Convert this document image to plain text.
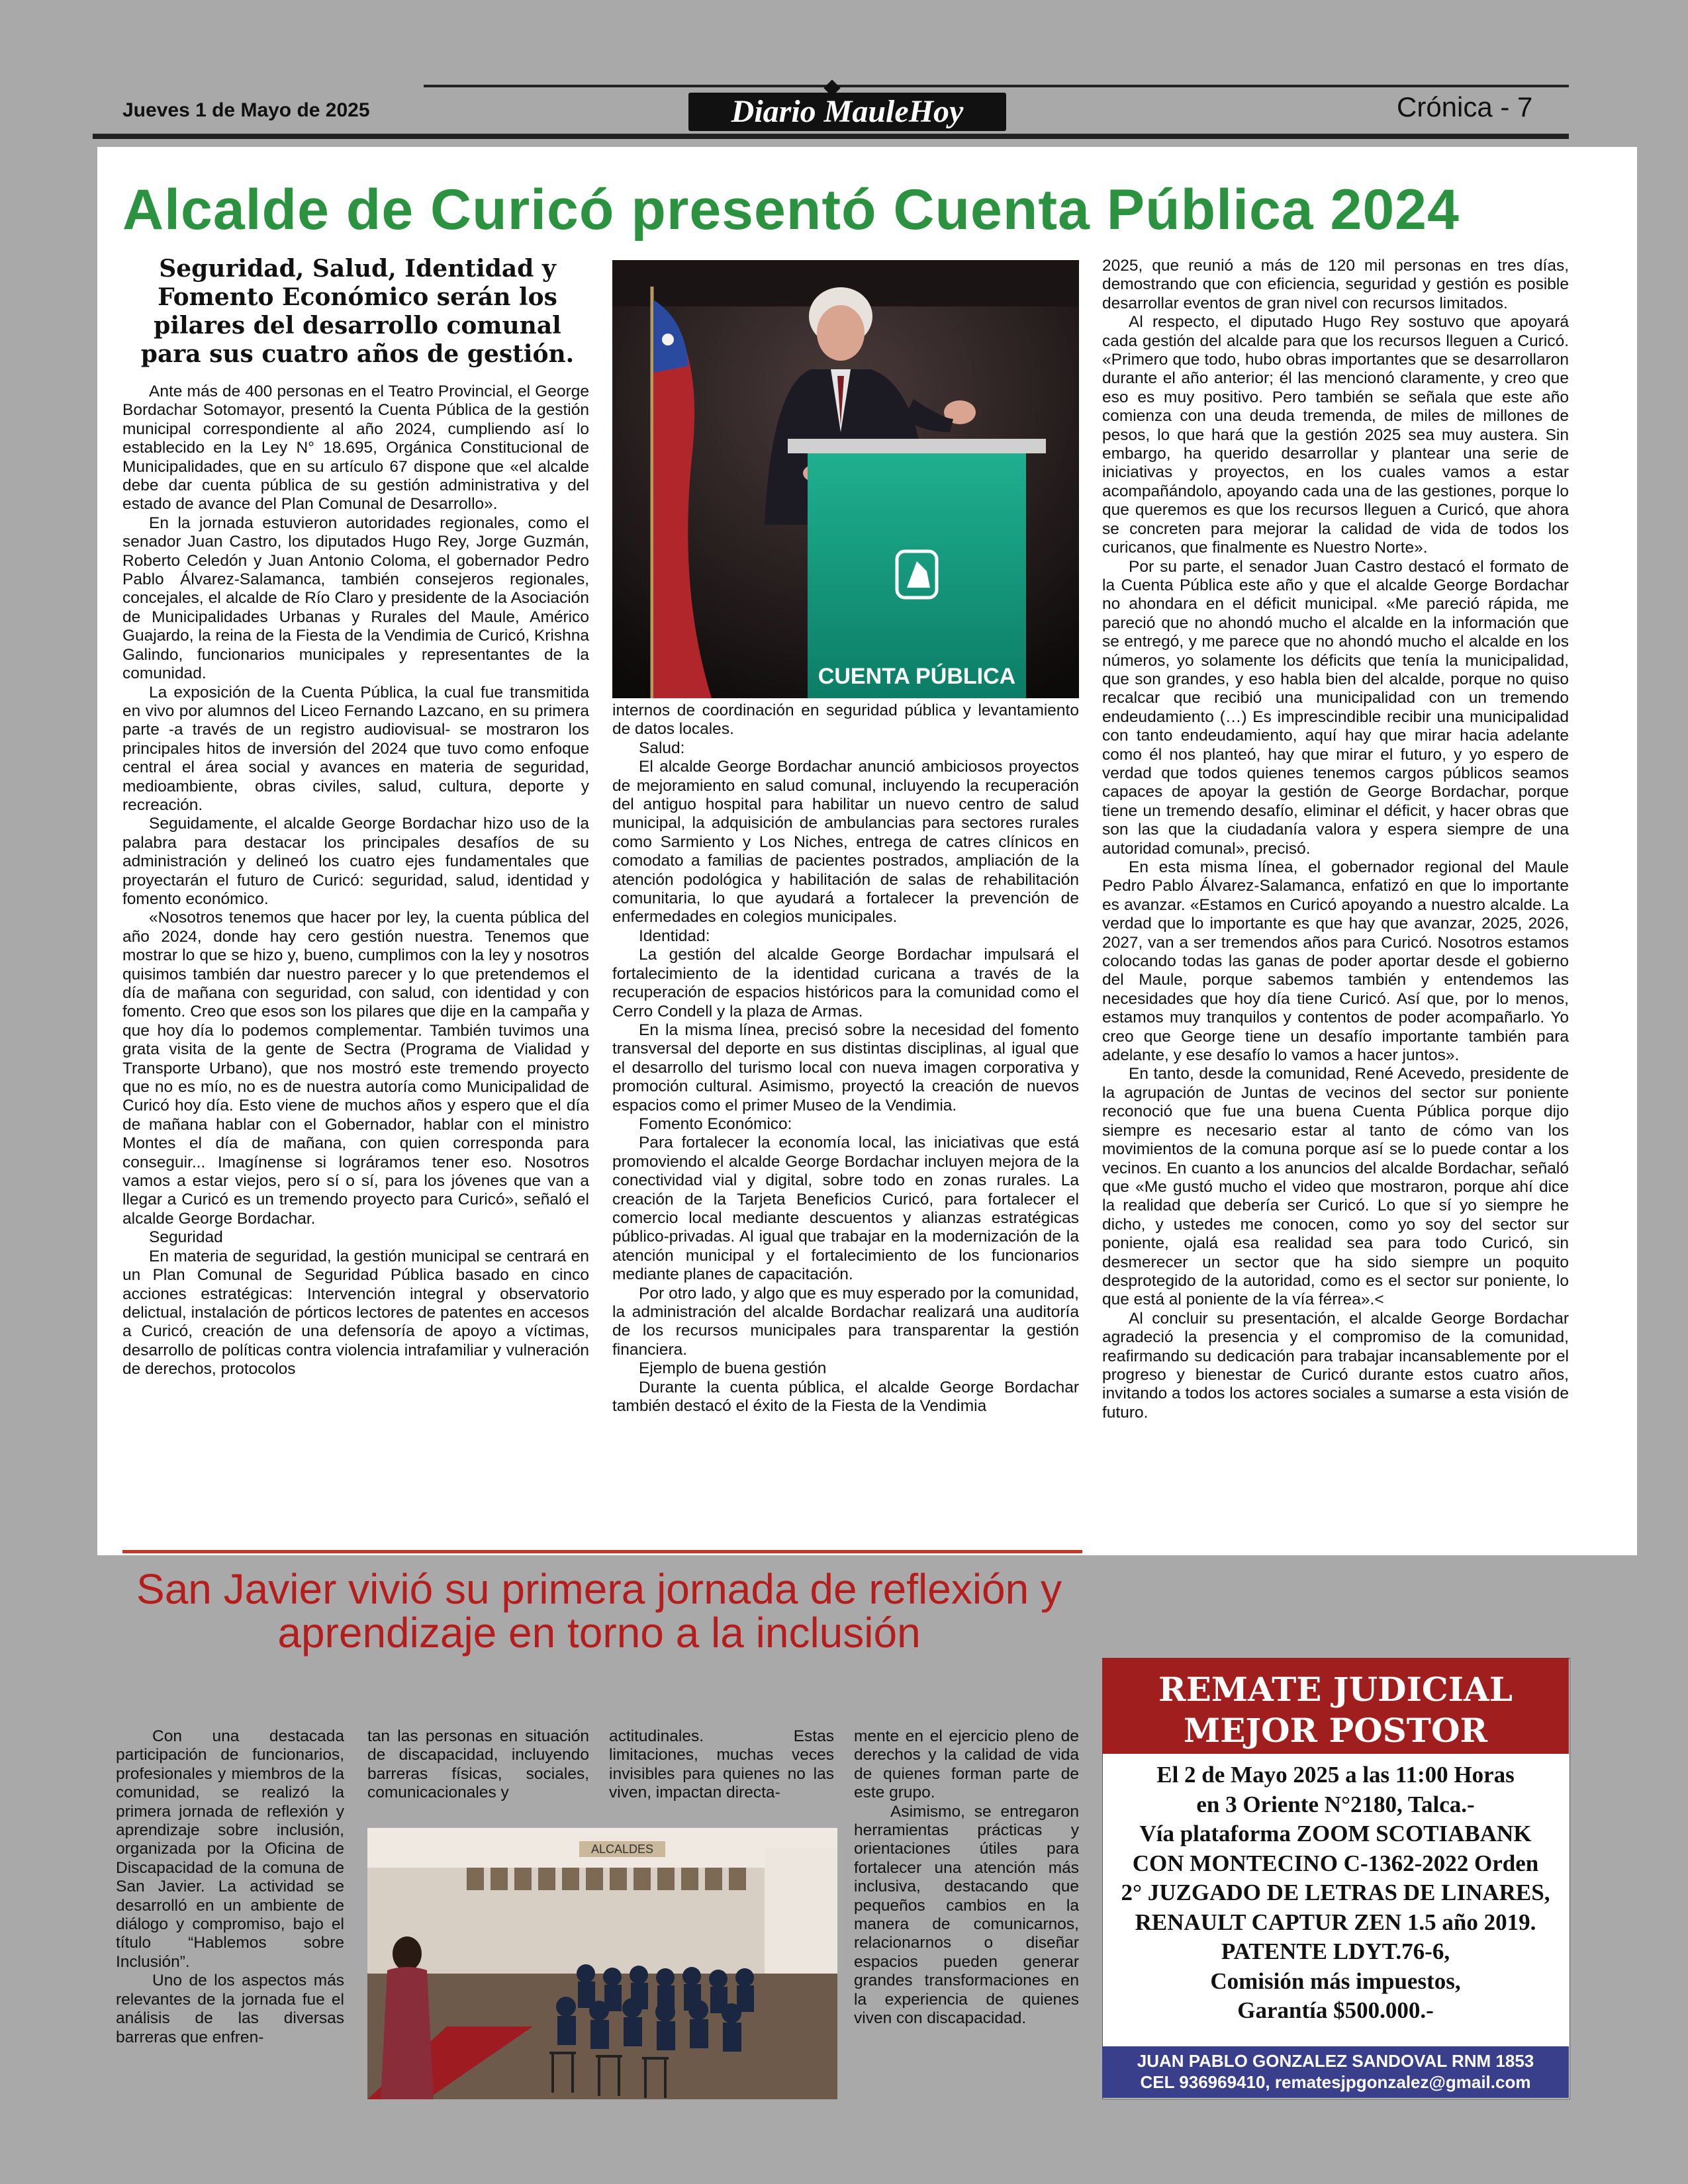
Jueves 1 de Mayo de 2025	Diario MauleHoy	Crónica - 7
Alcalde de Curicó presentó Cuenta Pública 2024
Seguridad, Salud, Identidad y Fomento Económico serán los pilares del desarrollo comunal para sus cuatro años de gestión.
CUENTA PÚBLICA

Ante más de 400 personas en el Teatro Provincial, el George Bordachar Sotomayor, presentó la Cuenta Pública de la gestión municipal correspondiente al año 2024, cumpliendo así lo establecido en la Ley N° 18.695, Orgánica Constitucional de Municipalidades, que en su artículo 67 dispone que «el alcalde debe dar cuenta pública de su gestión administrativa y del estado de avance del Plan Comunal de Desarrollo».

En la jornada estuvieron autoridades regionales, como el senador Juan Castro, los diputados Hugo Rey, Jorge Guzmán, Roberto Celedón y Juan Antonio Coloma, el gobernador Pedro Pablo Álvarez-Salamanca, también consejeros regionales, concejales, el alcalde de Río Claro y presidente de la Asociación de Municipalidades Urbanas y Rurales del Maule, Américo Guajardo, la reina de la Fiesta de la Vendimia de Curicó, Krishna Galindo, funcionarios municipales y representantes de la comunidad.

La exposición de la Cuenta Pública, la cual fue transmitida en vivo por alumnos del Liceo Fernando Lazcano, en su primera parte -a través de un registro audiovisual- se mostraron los principales hitos de inversión del 2024 que tuvo como enfoque central el área social y avances en materia de seguridad, medioambiente, obras civiles, salud, cultura, deporte y recreación.

Seguidamente, el alcalde George Bordachar hizo uso de la palabra para destacar los principales desafíos de su administración y delineó los cuatro ejes fundamentales que proyectarán el futuro de Curicó: seguridad, salud, identidad y fomento económico.

«Nosotros tenemos que hacer por ley, la cuenta pública del año 2024, donde hay cero gestión nuestra. Tenemos que mostrar lo que se hizo y, bueno, cumplimos con la ley y nosotros quisimos también dar nuestro parecer y lo que pretendemos el día de mañana con seguridad, con salud, con identidad y con fomento. Creo que esos son los pilares que dije en la campaña y que hoy día lo podemos complementar. También tuvimos una grata visita de la gente de Sectra (Programa de Vialidad y Transporte Urbano), que nos mostró este tremendo proyecto que no es mío, no es de nuestra autoría como Municipalidad de Curicó hoy día. Esto viene de muchos años y espero que el día de mañana hablar con el Gobernador, hablar con el ministro Montes el día de mañana, con quien corresponda para conseguir... Imagínense si lográramos tener eso. Nosotros vamos a estar viejos, pero sí o sí, para los jóvenes que van a llegar a Curicó es un tremendo proyecto para Curicó», señaló el alcalde George Bordachar.

Seguridad

En materia de seguridad, la gestión municipal se centrará en un Plan Comunal de Seguridad Pública basado en cinco acciones estratégicas: Intervención integral y observatorio delictual, instalación de pórticos lectores de patentes en accesos a Curicó, creación de una defensoría de apoyo a víctimas, desarrollo de políticas contra violencia intrafamiliar y vulneración de derechos, protocolos

internos de coordinación en seguridad pública y levantamiento de datos locales.

Salud:

El alcalde George Bordachar anunció ambiciosos proyectos de mejoramiento en salud comunal, incluyendo la recuperación del antiguo hospital para habilitar un nuevo centro de salud municipal, la adquisición de ambulancias para sectores rurales como Sarmiento y Los Niches, entrega de catres clínicos en comodato a familias de pacientes postrados, ampliación de la atención podológica y habilitación de salas de rehabilitación comunitaria, lo que ayudará a fortalecer la prevención de enfermedades en colegios municipales.

Identidad:

La gestión del alcalde George Bordachar impulsará el fortalecimiento de la identidad curicana a través de la recuperación de espacios históricos para la comunidad como el Cerro Condell y la plaza de Armas.

En la misma línea, precisó sobre la necesidad del fomento transversal del deporte en sus distintas disciplinas, al igual que el desarrollo del turismo local con nueva imagen corporativa y promoción cultural. Asimismo, proyectó la creación de nuevos espacios como el primer Museo de la Vendimia.

Fomento Económico:

Para fortalecer la economía local, las iniciativas que está promoviendo el alcalde George Bordachar incluyen mejora de la conectividad vial y digital, sobre todo en zonas rurales. La creación de la Tarjeta Beneficios Curicó, para fortalecer el comercio local mediante descuentos y alianzas estratégicas público-privadas. Al igual que trabajar en la modernización de la atención municipal y el fortalecimiento de los funcionarios mediante planes de capacitación.

Por otro lado, y algo que es muy esperado por la comunidad, la administración del alcalde Bordachar realizará una auditoría de los recursos municipales para transparentar la gestión financiera.

Ejemplo de buena gestión

Durante la cuenta pública, el alcalde George Bordachar también destacó el éxito de la Fiesta de la Vendimia

2025, que reunió a más de 120 mil personas en tres días, demostrando que con eficiencia, seguridad y gestión es posible desarrollar eventos de gran nivel con recursos limitados.

Al respecto, el diputado Hugo Rey sostuvo que apoyará cada gestión del alcalde para que los recursos lleguen a Curicó. «Primero que todo, hubo obras importantes que se desarrollaron durante el año anterior; él las mencionó claramente, y creo que eso es muy positivo. Pero también se señala que este año comienza con una deuda tremenda, de miles de millones de pesos, lo que hará que la gestión 2025 sea muy austera. Sin embargo, ha querido desarrollar y plantear una serie de iniciativas y proyectos, en los cuales vamos a estar acompañándolo, apoyando cada una de las gestiones, porque lo que queremos es que los recursos lleguen a Curicó, que ahora se concreten para mejorar la calidad de vida de todos los curicanos, que finalmente es Nuestro Norte».

Por su parte, el senador Juan Castro destacó el formato de la Cuenta Pública este año y que el alcalde George Bordachar no ahondara en el déficit municipal. «Me pareció rápida, me pareció que no ahondó mucho el alcalde en la información que se entregó, y me parece que no ahondó mucho el alcalde en los números, yo solamente los déficits que tenía la municipalidad, que son grandes, y eso habla bien del alcalde, porque no quiso recalcar que recibió una municipalidad con un tremendo endeudamiento (…) Es imprescindible recibir una municipalidad con tanto endeudamiento, aquí hay que mirar hacia adelante como él nos planteó, hay que mirar el futuro, y yo espero de verdad que todos quienes tenemos cargos públicos seamos capaces de apoyar la gestión de George Bordachar, porque tiene un tremendo desafío, eliminar el déficit, y hacer obras que son las que la ciudadanía valora y espera siempre de una autoridad comunal», precisó.

En esta misma línea, el gobernador regional del Maule Pedro Pablo Álvarez-Salamanca, enfatizó en que lo importante es avanzar. «Estamos en Curicó apoyando a nuestro alcalde. La verdad que lo importante es que hay que avanzar, 2025, 2026, 2027, van a ser tremendos años para Curicó. Nosotros estamos colocando todas las ganas de poder aportar desde el gobierno del Maule, porque sabemos también y entendemos las necesidades que hoy día tiene Curicó. Así que, por lo menos, estamos muy tranquilos y contentos de poder acompañarlo. Yo creo que George tiene un desafío importante también para adelante, y ese desafío lo vamos a hacer juntos».

En tanto, desde la comunidad, René Acevedo, presidente de la agrupación de Juntas de vecinos del sector sur poniente reconoció que fue una buena Cuenta Pública porque dijo siempre es necesario estar al tanto de cómo van los movimientos de la comuna porque así se lo puede contar a los vecinos. En cuanto a los anuncios del alcalde Bordachar, señaló que «Me gustó mucho el video que mostraron, porque ahí dice la realidad que debería ser Curicó. Lo que sí yo siempre he dicho, y ustedes me conocen, como yo soy del sector sur poniente, ojalá esa realidad sea para todo Curicó, sin desmerecer un sector que ha sido siempre un poquito desprotegido de la autoridad, como es el sector sur poniente, lo que está al poniente de la vía férrea».<

Al concluir su presentación, el alcalde George Bordachar agradeció la presencia y el compromiso de la comunidad, reafirmando su dedicación para trabajar incansablemente por el progreso y bienestar de Curicó durante estos cuatro años, invitando a todos los actores sociales a sumarse a esta visión de futuro.

San Javier vivió su primera jornada de reflexión y aprendizaje en torno a la inclusión

Con una destacada participación de funcionarios, profesionales y miembros de la comunidad, se realizó la primera jornada de reflexión y aprendizaje sobre inclusión, organizada por la Oficina de Discapacidad de la comuna de San Javier. La actividad se desarrolló en un ambiente de diálogo y compromiso, bajo el título “Hablemos sobre Inclusión”.

Uno de los aspectos más relevantes de la jornada fue el análisis de las diversas barreras que enfren-

tan las personas en situación de discapacidad, incluyendo barreras físicas, sociales, comunicacionales y

actitudinales. Estas limitaciones, muchas veces invisibles para quienes no las viven, impactan directa-

mente en el ejercicio pleno de derechos y la calidad de vida de quienes forman parte de este grupo.

Asimismo, se entregaron herramientas prácticas y orientaciones útiles para fortalecer una atención más inclusiva, destacando que pequeños cambios en la manera de comunicarnos, relacionarnos o diseñar espacios pueden generar grandes transformaciones en la experiencia de quienes viven con discapacidad.

ALCALDES
REMATE JUDICIAL
MEJOR POSTOR
El 2 de Mayo 2025 a las 11:00 Horas
en 3 Oriente N°2180, Talca.-
Vía plataforma ZOOM SCOTIABANK
CON MONTECINO C-1362-2022 Orden
2° JUZGADO DE LETRAS DE LINARES,
RENAULT CAPTUR ZEN 1.5 año 2019.
PATENTE LDYT.76-6,
Comisión más impuestos,
Garantía $500.000.-
JUAN PABLO GONZALEZ SANDOVAL RNM 1853
CEL 936969410, rematesjpgonzalez@gmail.com
